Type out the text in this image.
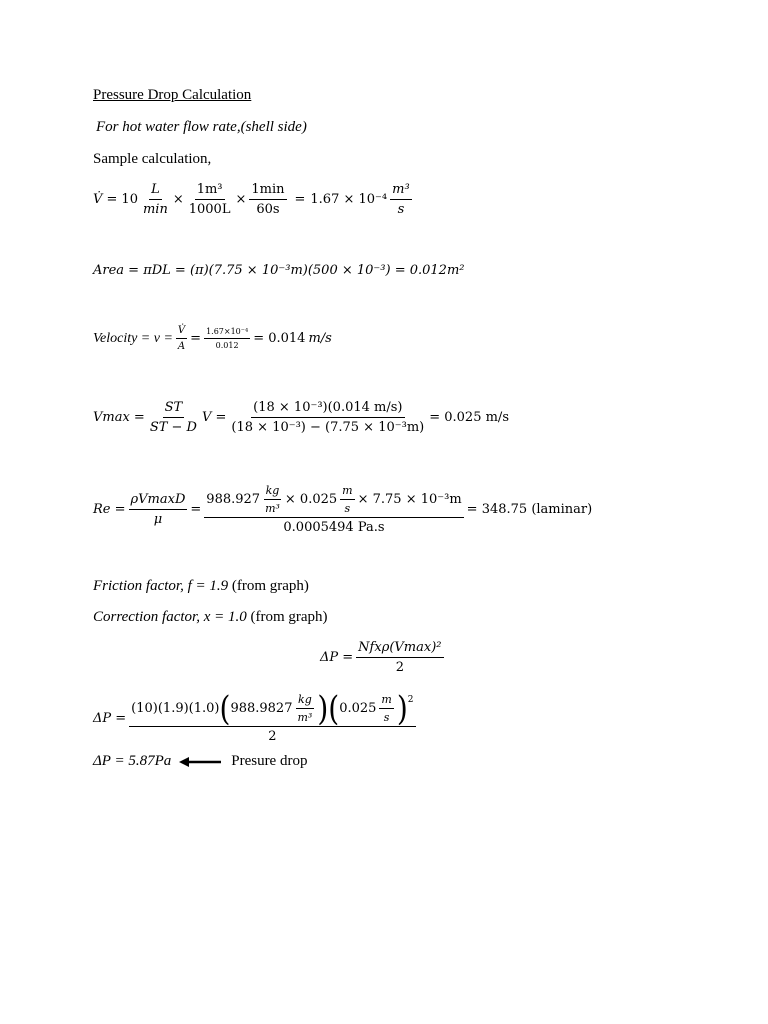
Pressure Drop Calculation
For hot water flow rate,(shell side)
Sample calculation,
V̇ = $10 \frac{L}{\min} \times \frac{\text{1m³}}{1000L} \times \frac{1\min}{60s} = 1.67 \times 10^{-4} \frac{\text{m³}}{s}$
Area = πDL = (π)(7.75 × 10⁻³m)(500 × 10⁻³) = 0.012m²
Velocity = $v = \frac{V̇}{A} = \frac{\text{1.67×10⁻⁴}}{0.012} = 0.014$ m/s
$Vmax = \frac{ST}{ST - D}$ $V = \frac{\text{(18 × 10⁻³)(0.014 m/s)}}{\text{(18 × 10⁻³) − (7.75 × 10⁻³m)}} = 0.025$ m/s
$Re = \frac{\rho VmaxD}{\mu}$ =
$988.927 \frac{kg}{\text{m³}} \times 0.025 \frac{m}{s} \times 7.75 \times 10^{-3}m$
0.0005494 Pa.s
= 348.75 (laminar)
Friction factor, f = 1.9 (from graph)
Correction factor, x = 1.0 (from graph)
$\Delta P = \frac{\text{Nfxρ(Vmax)²}}{2}$
ΔP =
(10)(1.9)(1.0) ( $988.9827 \frac{kg}{\text{m³}}$ ) ( $0.025 \frac{m}{s}$ ) 2
2
ΔP = 5.87Pa	Presure drop
